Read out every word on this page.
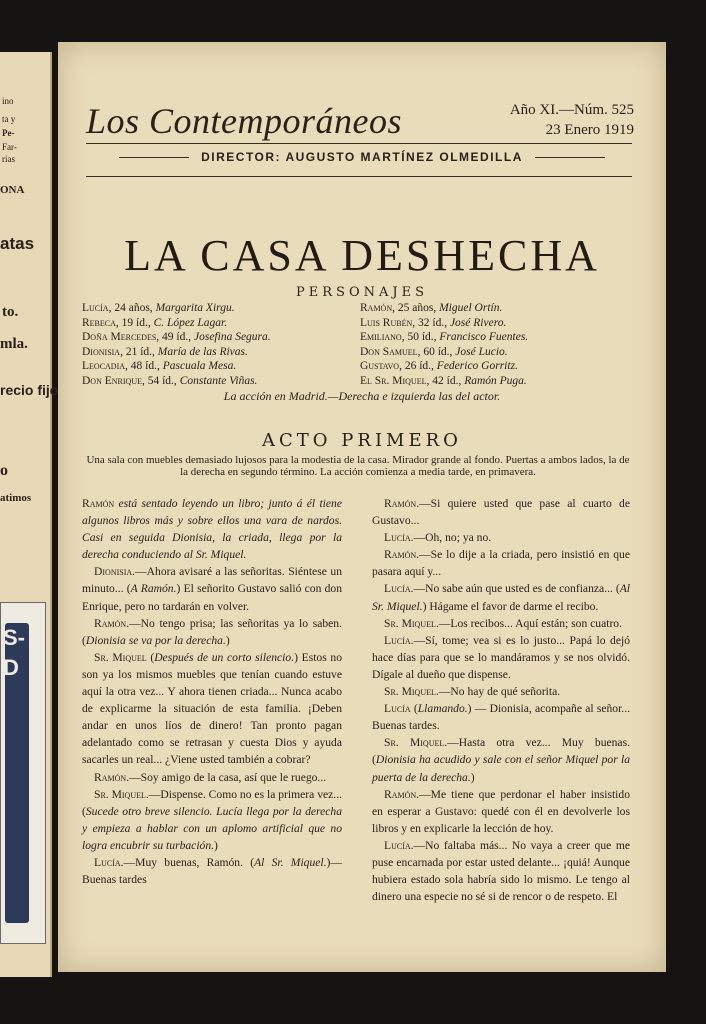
ino
ta y
Pe-
Far-
rias
ONA
atas
to.
mla.
recio fijo
o
atimos
S-
D
Los Contemporáneos	Año XI.—Núm. 525
23 Enero 1919
DIRECTOR: AUGUSTO MARTÍNEZ OLMEDILLA
LA CASA DESHECHA
PERSONAJES
Lucía, 24 años, Margarita Xirgu.
Rebeca, 19 íd., C. López Lagar.
Doña Mercedes, 49 íd., Josefina Segura.
Dionisia, 21 íd., María de las Rivas.
Leocadia, 48 íd., Pascuala Mesa.
Don Enrique, 54 íd., Constante Viñas.
Ramón, 25 años, Miguel Ortín.
Luis Rubén, 32 íd., José Rivero.
Emiliano, 50 íd., Francisco Fuentes.
Don Samuel, 60 íd., José Lucio.
Gustavo, 26 íd., Federico Gorritz.
El Sr. Miquel, 42 íd., Ramón Puga.
La acción en Madrid.—Derecha e izquierda las del actor.
ACTO PRIMERO
Una sala con muebles demasiado lujosos para la modestia de la casa. Mirador grande al fondo. Puertas a ambos lados, la de la derecha en segundo término. La acción comienza a media tarde, en primavera.

Ramón está sentado leyendo un libro; junto á él tiene algunos libros más y sobre ellos una vara de nardos. Casi en seguida Dionisia, la criada, llega por la derecha conduciendo al Sr. Miquel.

Dionisia.—Ahora avisaré a las señoritas. Siéntese un minuto... (A Ramón.) El señorito Gustavo salió con don Enrique, pero no tardarán en volver.

Ramón.—No tengo prisa; las señoritas ya lo saben. (Dionisia se va por la derecha.)

Sr. Miquel (Después de un corto silencio.) Estos no son ya los mismos muebles que tenían cuando estuve aquí la otra vez... Y ahora tienen criada... Nunca acabo de explicarme la situación de esta familia. ¡Deben andar en unos líos de dinero! Tan pronto pagan adelantado como se retrasan y cuesta Dios y ayuda sacarles un real... ¿Viene usted también a cobrar?

Ramón.—Soy amigo de la casa, así que le ruego...

Sr. Miquel.—Dispense. Como no es la primera vez... (Sucede otro breve silencio. Lucía llega por la derecha y empieza a hablar con un aplomo artificial que no logra encubrir su turbación.)

Lucía.—Muy buenas, Ramón. (Al Sr. Miquel.)—Buenas tardes

Ramón.—Si quiere usted que pase al cuarto de Gustavo...

Lucía.—Oh, no; ya no.

Ramón.—Se lo dije a la criada, pero insistió en que pasara aquí y...

Lucía.—No sabe aún que usted es de confianza... (Al Sr. Miquel.) Hágame el favor de darme el recibo.

Sr. Miquel.—Los recibos... Aquí están; son cuatro.

Lucía.—Sí, tome; vea si es lo justo... Papá lo dejó hace días para que se lo mandáramos y se nos olvidó. Dígale al dueño que dispense.

Sr. Miquel.—No hay de qué señorita.

Lucía (Llamando.) — Dionisia, acompañe al señor... Buenas tardes.

Sr. Miquel.—Hasta otra vez... Muy buenas. (Dionisia ha acudido y sale con el señor Miquel por la puerta de la derecha.)

Ramón.—Me tiene que perdonar el haber insistido en esperar a Gustavo: quedé con él en devolverle los libros y en explicarle la lección de hoy.

Lucía.—No faltaba más... No vaya a creer que me puse encarnada por estar usted delante... ¡quiá! Aunque hubiera estado sola habría sido lo mismo. Le tengo al dinero una especie no sé si de rencor o de respeto. El
